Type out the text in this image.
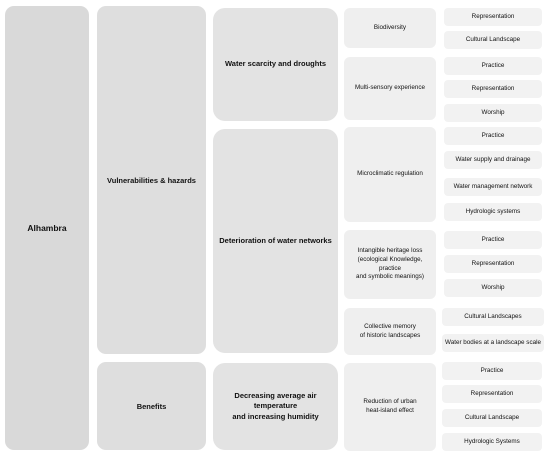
Alhambra
Vulnerabilities & hazards
Benefits
Water scarcity and droughts
Deterioration of water networks
Decreasing average air temperature
and increasing humidity
Biodiversity
Multi-sensory experience
Microclimatic regulation
Intangible heritage loss
(ecological Knowledge, practice
and symbolic meanings)
Collective memory
of historic landscapes
Reduction of urban
heat-island effect
Representation
Cultural Landscape
Practice
Representation
Worship
Practice
Water supply and drainage
Water management network
Hydrologic systems
Practice
Representation
Worship
Cultural Landscapes
Water bodies at a landscape scale
Practice
Representation
Cultural Landscape
Hydrologic Systems
